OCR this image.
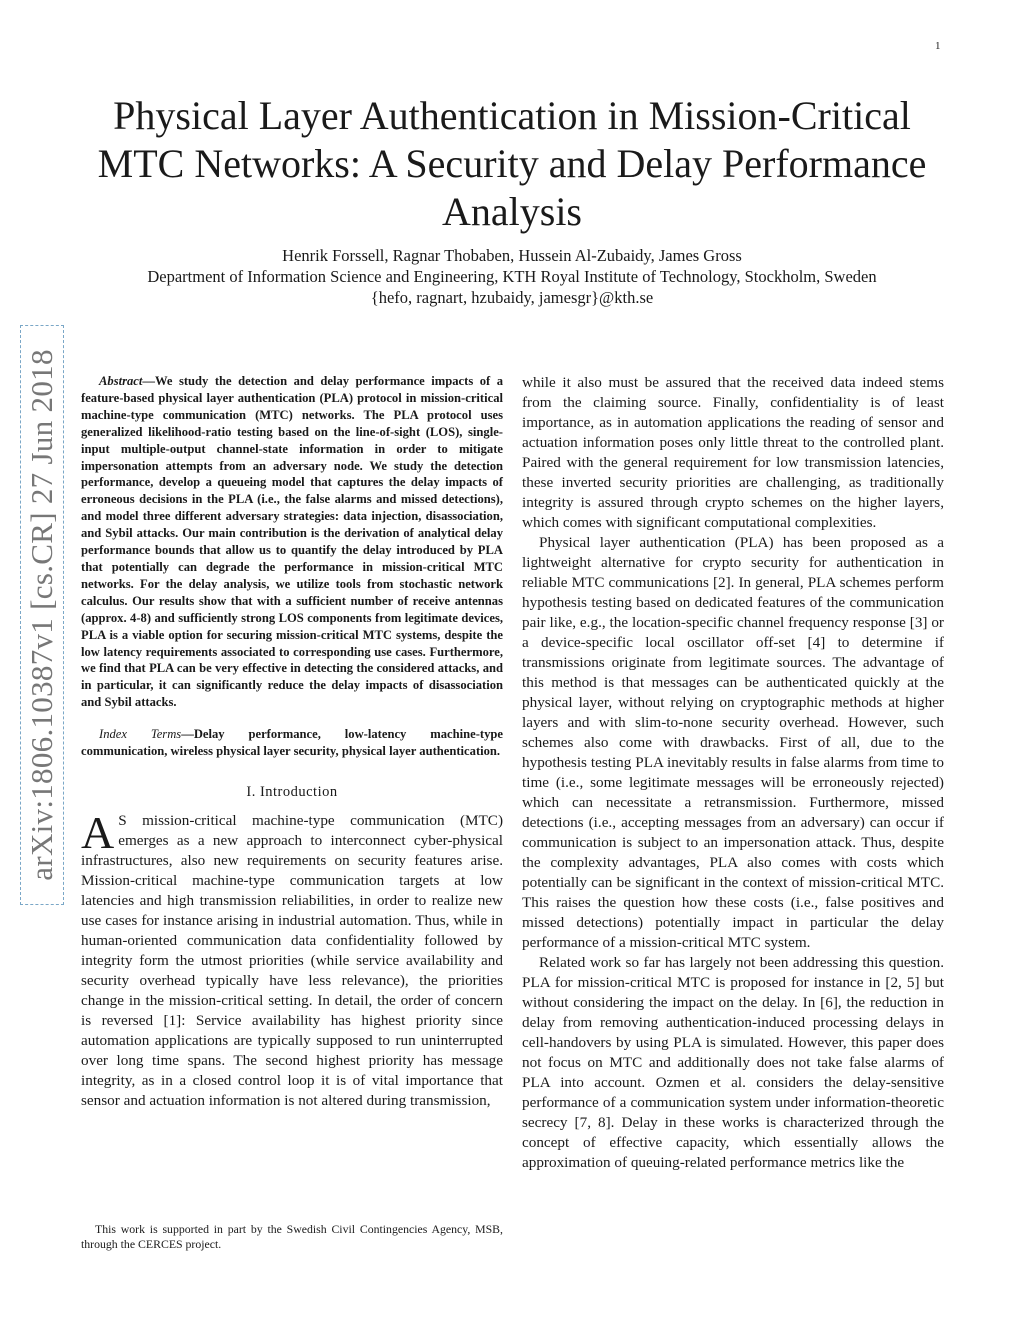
1
arXiv:1806.10387v1 [cs.CR] 27 Jun 2018
Physical Layer Authentication in Mission-Critical MTC Networks: A Security and Delay Performance Analysis
Henrik Forssell, Ragnar Thobaben, Hussein Al-Zubaidy, James Gross
Department of Information Science and Engineering, KTH Royal Institute of Technology, Stockholm, Sweden
{hefo, ragnart, hzubaidy, jamesgr}@kth.se

Abstract—We study the detection and delay performance impacts of a feature-based physical layer authentication (PLA) protocol in mission-critical machine-type communication (MTC) networks. The PLA protocol uses generalized likelihood-ratio testing based on the line-of-sight (LOS), single-input multiple-output channel-state information in order to mitigate impersonation attempts from an adversary node. We study the detection performance, develop a queueing model that captures the delay impacts of erroneous decisions in the PLA (i.e., the false alarms and missed detections), and model three different adversary strategies: data injection, disassociation, and Sybil attacks. Our main contribution is the derivation of analytical delay performance bounds that allow us to quantify the delay introduced by PLA that potentially can degrade the performance in mission-critical MTC networks. For the delay analysis, we utilize tools from stochastic network calculus. Our results show that with a sufficient number of receive antennas (approx. 4-8) and sufficiently strong LOS components from legitimate devices, PLA is a viable option for securing mission-critical MTC systems, despite the low latency requirements associated to corresponding use cases. Furthermore, we find that PLA can be very effective in detecting the considered attacks, and in particular, it can significantly reduce the delay impacts of disassociation and Sybil attacks.

Index Terms—Delay performance, low-latency machine-type communication, wireless physical layer security, physical layer authentication.

I. Introduction

A S mission-critical machine-type communication (MTC) emerges as a new approach to interconnect cyber-physical infrastructures, also new requirements on security features arise. Mission-critical machine-type communication targets at low latencies and high transmission reliabilities, in order to realize new use cases for instance arising in industrial automation. Thus, while in human-oriented communication data confidentiality followed by integrity form the utmost priorities (while service availability and security overhead typically have less relevance), the priorities change in the mission-critical setting. In detail, the order of concern is reversed [1]: Service availability has highest priority since automation applications are typically supposed to run uninterrupted over long time spans. The second highest priority has message integrity, as in a closed control loop it is of vital importance that sensor and actuation information is not altered during transmission,

while it also must be assured that the received data indeed stems from the claiming source. Finally, confidentiality is of least importance, as in automation applications the reading of sensor and actuation information poses only little threat to the controlled plant. Paired with the general requirement for low transmission latencies, these inverted security priorities are challenging, as traditionally integrity is assured through crypto schemes on the higher layers, which comes with significant computational complexities.

Physical layer authentication (PLA) has been proposed as a lightweight alternative for crypto security for authentication in reliable MTC communications [2]. In general, PLA schemes perform hypothesis testing based on dedicated features of the communication pair like, e.g., the location-specific channel frequency response [3] or a device-specific local oscillator off-set [4] to determine if transmissions originate from legitimate sources. The advantage of this method is that messages can be authenticated quickly at the physical layer, without relying on cryptographic methods at higher layers and with slim-to-none security overhead. However, such schemes also come with drawbacks. First of all, due to the hypothesis testing PLA inevitably results in false alarms from time to time (i.e., some legitimate messages will be erroneously rejected) which can necessitate a retransmission. Furthermore, missed detections (i.e., accepting messages from an adversary) can occur if communication is subject to an impersonation attack. Thus, despite the complexity advantages, PLA also comes with costs which potentially can be significant in the context of mission-critical MTC. This raises the question how these costs (i.e., false positives and missed detections) potentially impact in particular the delay performance of a mission-critical MTC system.

Related work so far has largely not been addressing this question. PLA for mission-critical MTC is proposed for instance in [2, 5] but without considering the impact on the delay. In [6], the reduction in delay from removing authentication-induced processing delays in cell-handovers by using PLA is simulated. However, this paper does not focus on MTC and additionally does not take false alarms of PLA into account. Ozmen et al. considers the delay-sensitive performance of a communication system under information-theoretic secrecy [7, 8]. Delay in these works is characterized through the concept of effective capacity, which essentially allows the approximation of queuing-related performance metrics like the

This work is supported in part by the Swedish Civil Contingencies Agency, MSB, through the CERCES project.
